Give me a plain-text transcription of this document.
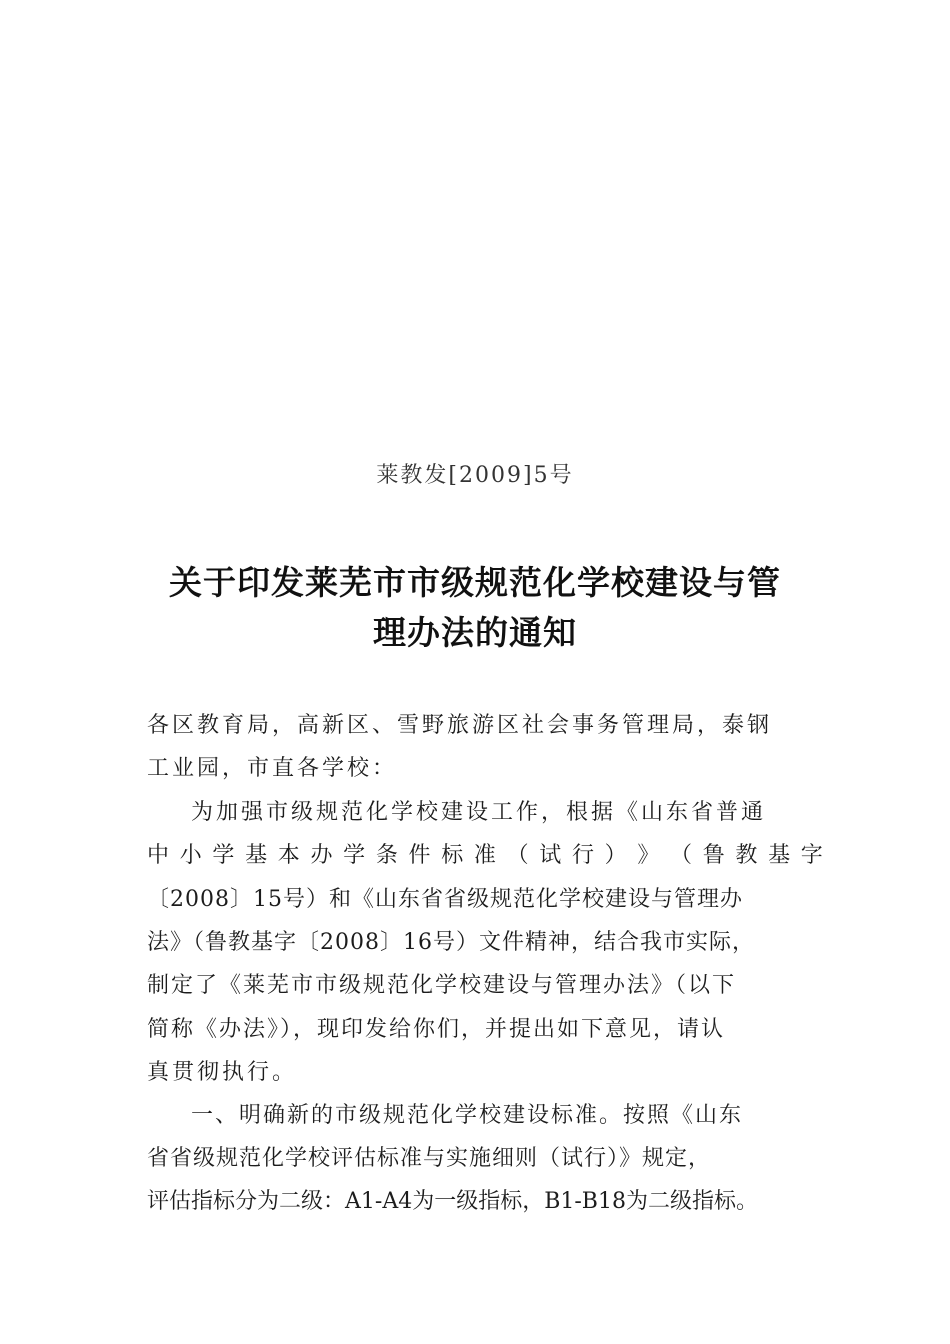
莱教发[2009]5号
关于印发莱芜市市级规范化学校建设与管
理办法的通知
各区教育局，高新区、雪野旅游区社会事务管理局，泰钢
工业园，市直各学校：
为加强市级规范化学校建设工作，根据《山东省普通
中 小 学 基 本 办 学 条 件 标 准 （ 试 行 ） 》 （ 鲁 教 基 字
〔2008〕15号）和《山东省省级规范化学校建设与管理办
法》（鲁教基字〔2008〕16号）文件精神，结合我市实际，
制定了《莱芜市市级规范化学校建设与管理办法》（以下
简称《办法》），现印发给你们，并提出如下意见，请认
真贯彻执行。
一、明确新的市级规范化学校建设标准。按照《山东
省省级规范化学校评估标准与实施细则（试行）》规定，
评估指标分为二级：A1-A4为一级指标，B1-B18为二级指标。
